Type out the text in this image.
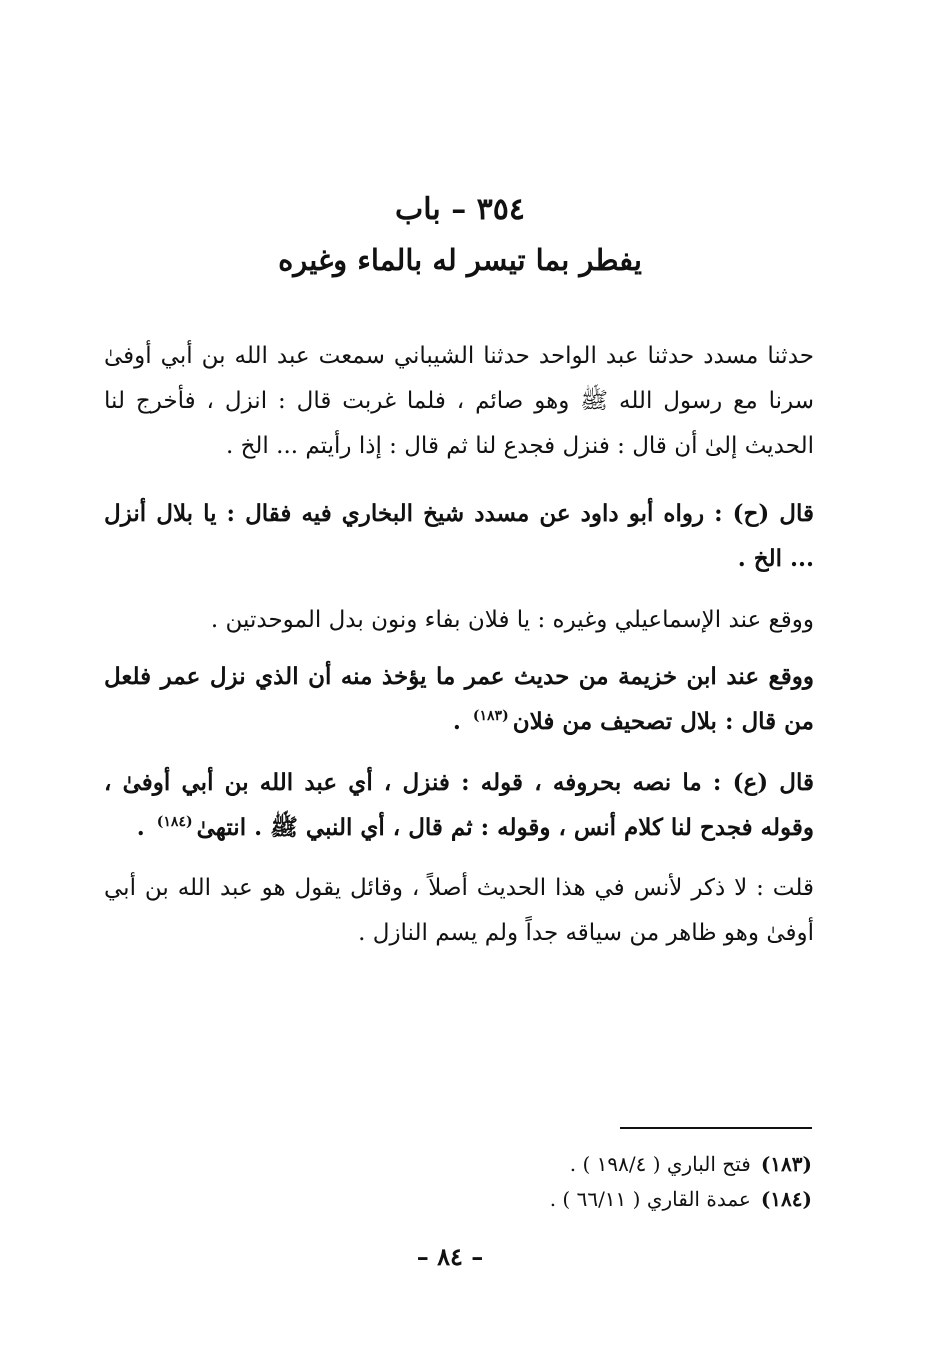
٣٥٤ – باب
يفطر بما تيسر له بالماء وغيره

حدثنا مسدد حدثنا عبد الواحد حدثنا الشيباني سمعت عبد الله بن أبي أوفىٰ سرنا مع رسول الله ﷺ وهو صائم ، فلما غربت قال : انزل ، فأخرج لنا الحديث إلىٰ أن قال : فنزل فجدع لنا ثم قال : إذا رأيتم ... الخ .

قال (ح) : رواه أبو داود عن مسدد شيخ البخاري فيه فقال : يا بلال أنزل ... الخ .

ووقع عند الإسماعيلي وغيره : يا فلان بفاء ونون بدل الموحدتين .

ووقع عند ابن خزيمة من حديث عمر ما يؤخذ منه أن الذي نزل عمر فلعل من قال : بلال تصحيف من فلان$^{(١٨٣)}$ .

قال (ع) : ما نصه بحروفه ، قوله : فنزل ، أي عبد الله بن أبي أوفىٰ ، وقوله فجدح لنا كلام أنس ، وقوله : ثم قال ، أي النبي ﷺ . انتهىٰ$^{(١٨٤)}$ .

قلت : لا ذكر لأنس في هذا الحديث أصلاً ، وقائل يقول هو عبد الله بن أبي أوفىٰ وهو ظاهر من سياقه جداً ولم يسم النازل .

(١٨٣)فتح الباري ( ١٩٨/٤ ) .
(١٨٤)عمدة القاري ( ٦٦/١١ ) .
– ٨٤ –
